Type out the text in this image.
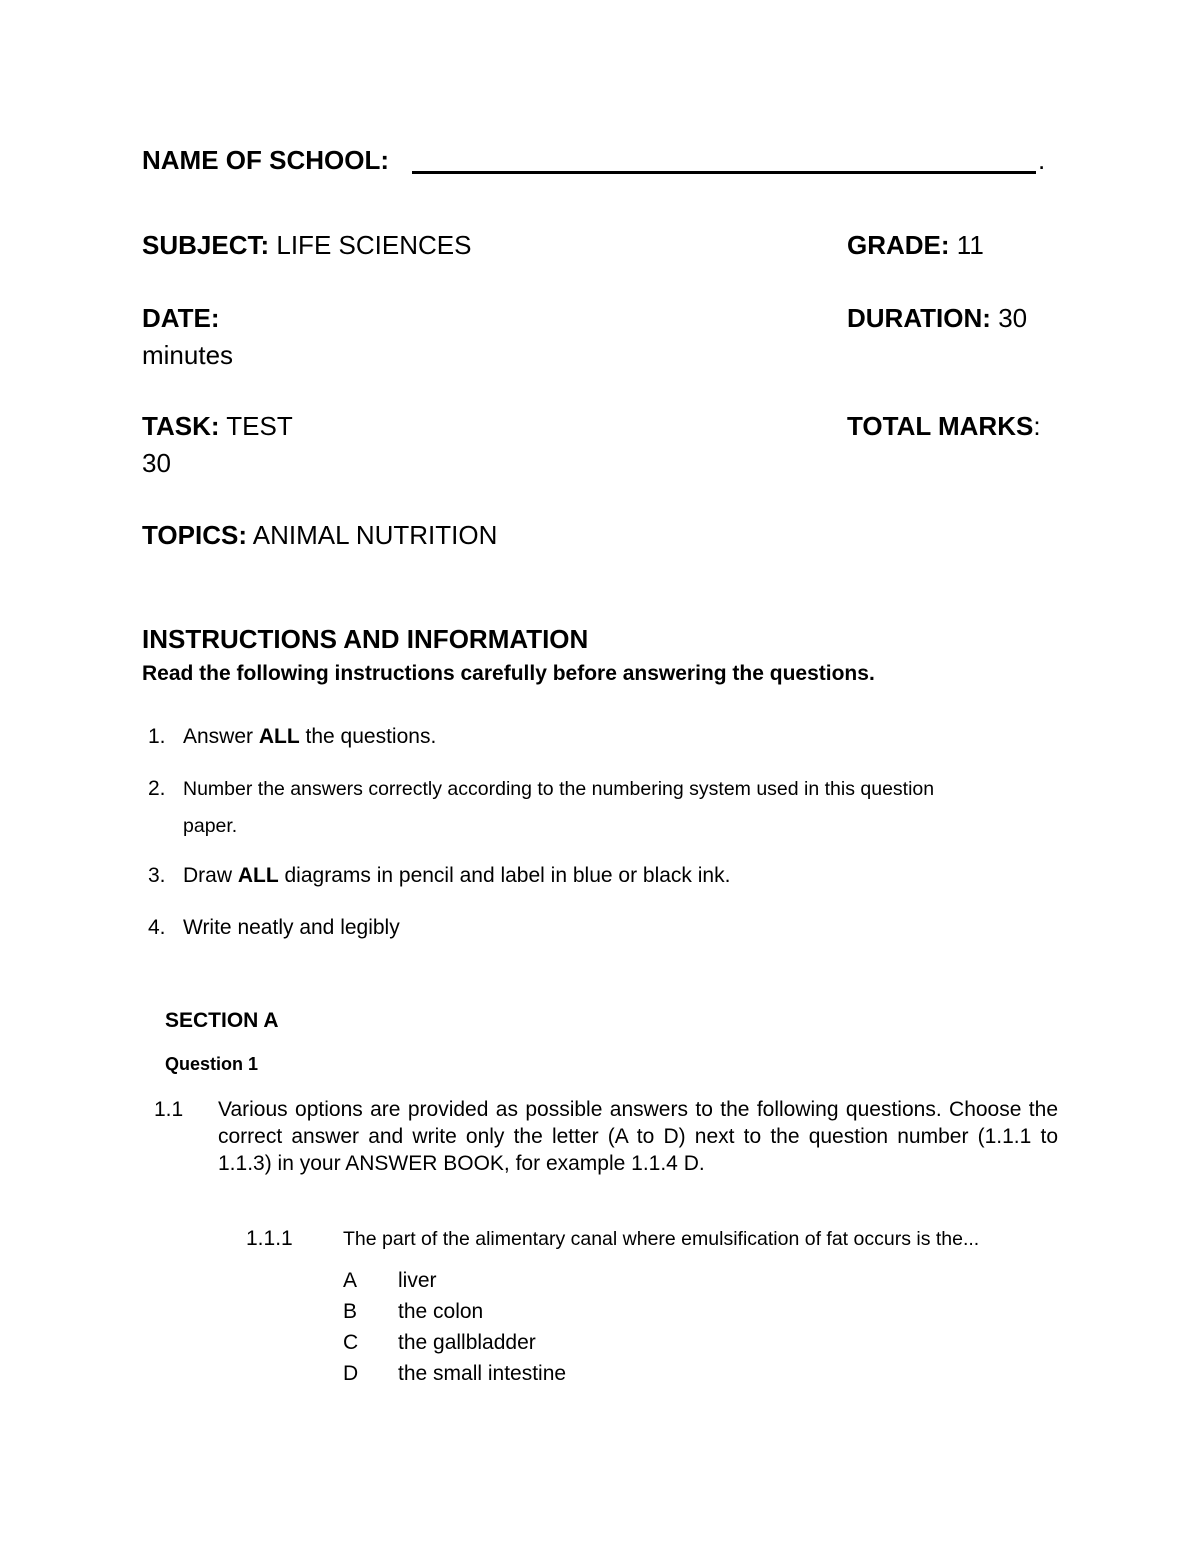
NAME OF SCHOOL:	.
SUBJECT: LIFE SCIENCES	GRADE: 11
DATE:	DURATION: 30
minutes
TASK: TEST	TOTAL MARKS:
30
TOPICS: ANIMAL NUTRITION
INSTRUCTIONS AND INFORMATION
Read the following instructions carefully before answering the questions.
1. Answer ALL the questions.
2. Number the answers correctly according to the numbering system used in this question
paper.
3. Draw ALL diagrams in pencil and label in blue or black ink.
4. Write neatly and legibly
SECTION A
Question 1
1.1 Various options are provided as possible answers to the following questions. Choose the correct answer and write only the letter (A to D) next to the question number (1.1.1 to 1.1.3) in your ANSWER BOOK, for example 1.1.4 D.
1.1.1	The part of the alimentary canal where emulsification of fat occurs is the...
A liver
B the colon
C the gallbladder
D the small intestine
